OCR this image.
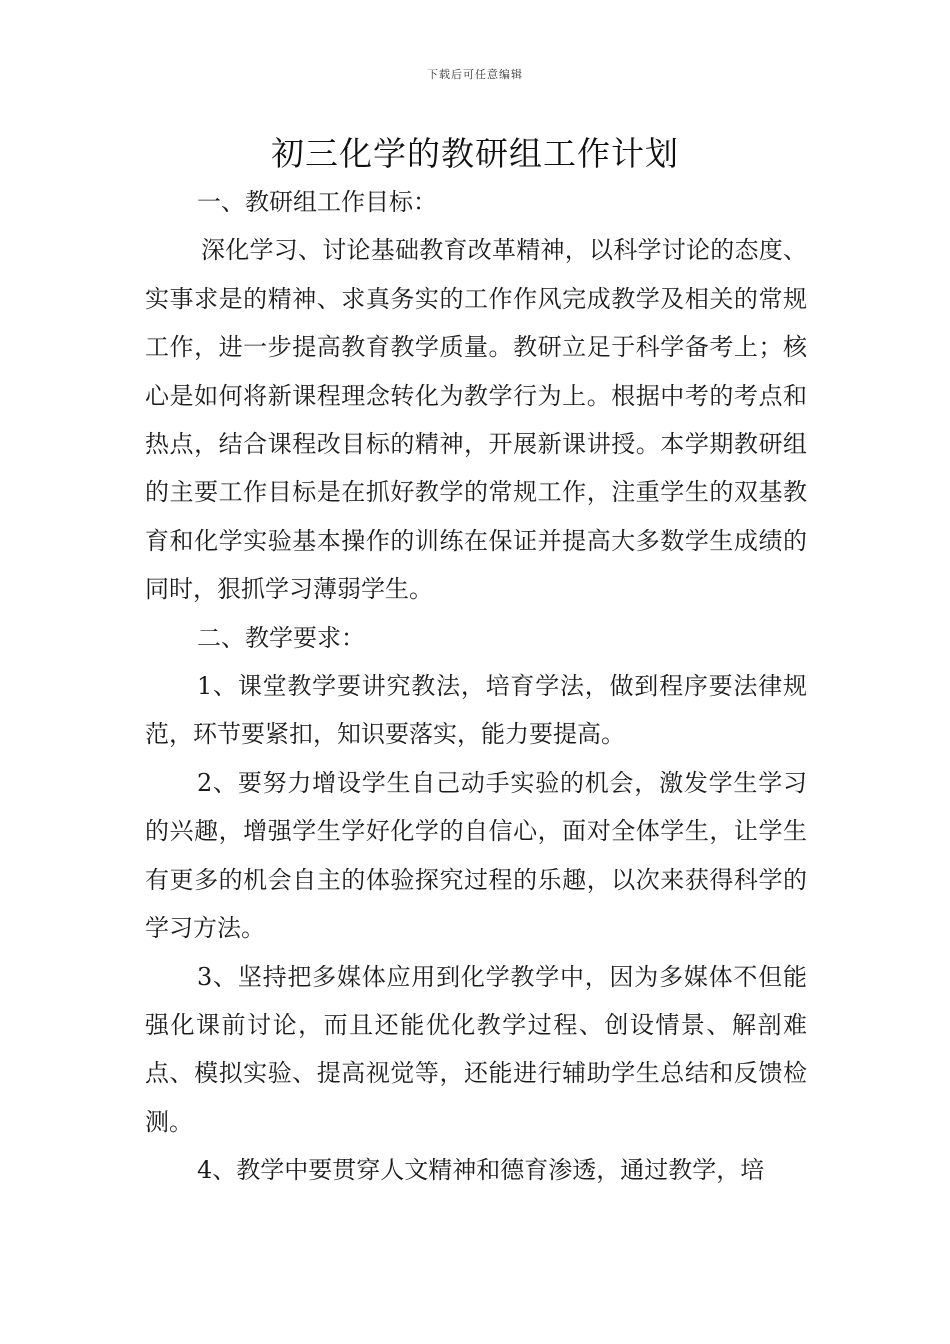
下载后可任意编辑
初三化学的教研组工作计划

一、教研组工作目标：

深化学习、讨论基础教育改革精神，以科学讨论的态度、实事求是的精神、求真务实的工作作风完成教学及相关的常规工作，进一步提高教育教学质量。教研立足于科学备考上；核心是如何将新课程理念转化为教学行为上。根据中考的考点和热点，结合课程改目标的精神，开展新课讲授。本学期教研组的主要工作目标是在抓好教学的常规工作，注重学生的双基教育和化学实验基本操作的训练在保证并提高大多数学生成绩的同时，狠抓学习薄弱学生。

二、教学要求：

1、课堂教学要讲究教法，培育学法，做到程序要法律规范，环节要紧扣，知识要落实，能力要提高。

2、要努力增设学生自己动手实验的机会，激发学生学习的兴趣，增强学生学好化学的自信心，面对全体学生，让学生有更多的机会自主的体验探究过程的乐趣，以次来获得科学的学习方法。

3、坚持把多媒体应用到化学教学中，因为多媒体不但能强化课前讨论，而且还能优化教学过程、创设情景、解剖难点、模拟实验、提高视觉等，还能进行辅助学生总结和反馈检测。

4、教学中要贯穿人文精神和德育渗透，通过教学，培
